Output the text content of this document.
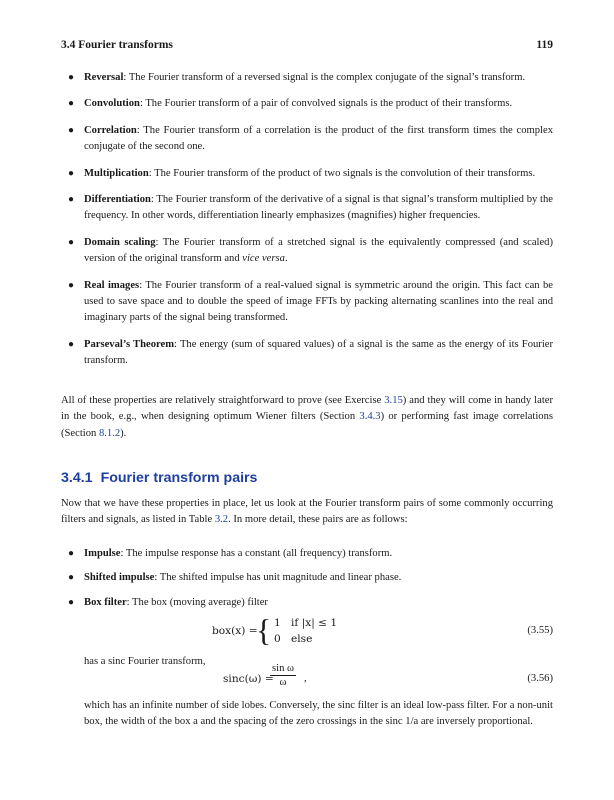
3.4 Fourier transforms	119
● Reversal: The Fourier transform of a reversed signal is the complex conjugate of the signal’s transform.
● Convolution: The Fourier transform of a pair of convolved signals is the product of their transforms.
● Correlation: The Fourier transform of a correlation is the product of the first transform times the complex conjugate of the second one.
● Multiplication: The Fourier transform of the product of two signals is the convolution of their transforms.
● Differentiation: The Fourier transform of the derivative of a signal is that signal’s transform multiplied by the frequency. In other words, differentiation linearly emphasizes (magnifies) higher frequencies.
● Domain scaling: The Fourier transform of a stretched signal is the equivalently compressed (and scaled) version of the original transform and vice versa.
● Real images: The Fourier transform of a real-valued signal is symmetric around the origin. This fact can be used to save space and to double the speed of image FFTs by packing alternating scanlines into the real and imaginary parts of the signal being transformed.
● Parseval’s Theorem: The energy (sum of squared values) of a signal is the same as the energy of its Fourier transform.

All of these properties are relatively straightforward to prove (see Exercise 3.15) and they will come in handy later in the book, e.g., when designing optimum Wiener filters (Section 3.4.3) or performing fast image correlations (Section 8.1.2).

3.4.1 Fourier transform pairs

Now that we have these properties in place, let us look at the Fourier transform pairs of some commonly occurring filters and signals, as listed in Table 3.2. In more detail, these pairs are as follows:

● Impulse: The impulse response has a constant (all frequency) transform.
● Shifted impulse: The shifted impulse has unit magnitude and linear phase.
● Box filter: The box (moving average) filter
box(x) =
{ 1 if |x| ≤ 1
0 else
(3.55)

has a sinc Fourier transform,

sinc(ω) =
$\frac{\text{sin ω}}{\omega}$ ,	(3.56)

which has an infinite number of side lobes. Conversely, the sinc filter is an ideal low-pass filter. For a non-unit box, the width of the box a and the spacing of the zero crossings in the sinc 1/a are inversely proportional.
